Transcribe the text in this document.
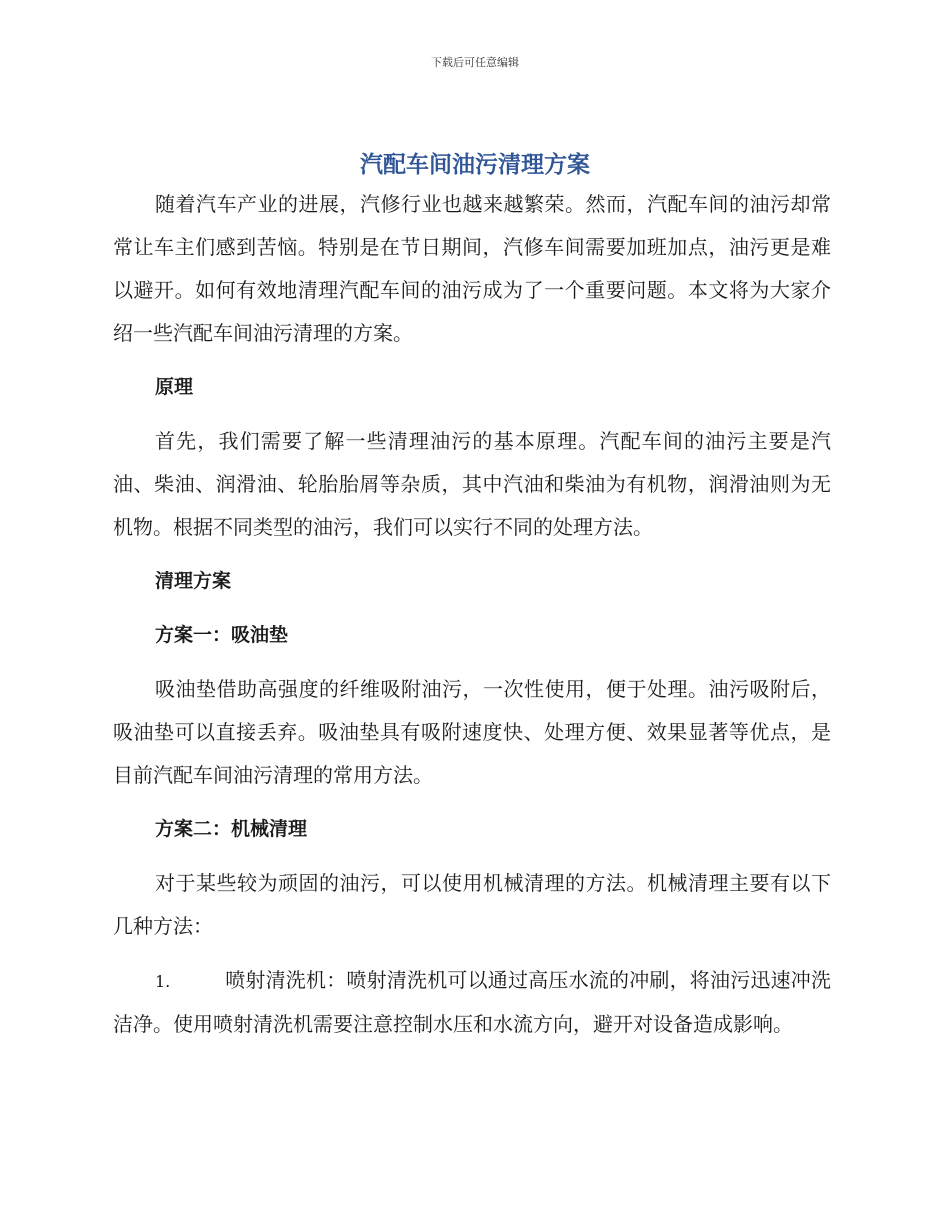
下载后可任意编辑
汽配车间油污清理方案

随着汽车产业的进展，汽修行业也越来越繁荣。然而，汽配车间的油污却常常让车主们感到苦恼。特别是在节日期间，汽修车间需要加班加点，油污更是难以避开。如何有效地清理汽配车间的油污成为了一个重要问题。本文将为大家介绍一些汽配车间油污清理的方案。

原理

首先，我们需要了解一些清理油污的基本原理。汽配车间的油污主要是汽油、柴油、润滑油、轮胎胎屑等杂质，其中汽油和柴油为有机物，润滑油则为无机物。根据不同类型的油污，我们可以实行不同的处理方法。

清理方案
方案一：吸油垫

吸油垫借助高强度的纤维吸附油污，一次性使用，便于处理。油污吸附后，吸油垫可以直接丢弃。吸油垫具有吸附速度快、处理方便、效果显著等优点，是目前汽配车间油污清理的常用方法。

方案二：机械清理

对于某些较为顽固的油污，可以使用机械清理的方法。机械清理主要有以下几种方法：

1.	喷射清洗机：喷射清洗机可以通过高压水流的冲刷，将油污迅速冲洗洁净。使用喷射清洗机需要注意控制水压和水流方向，避开对设备造成影响。
